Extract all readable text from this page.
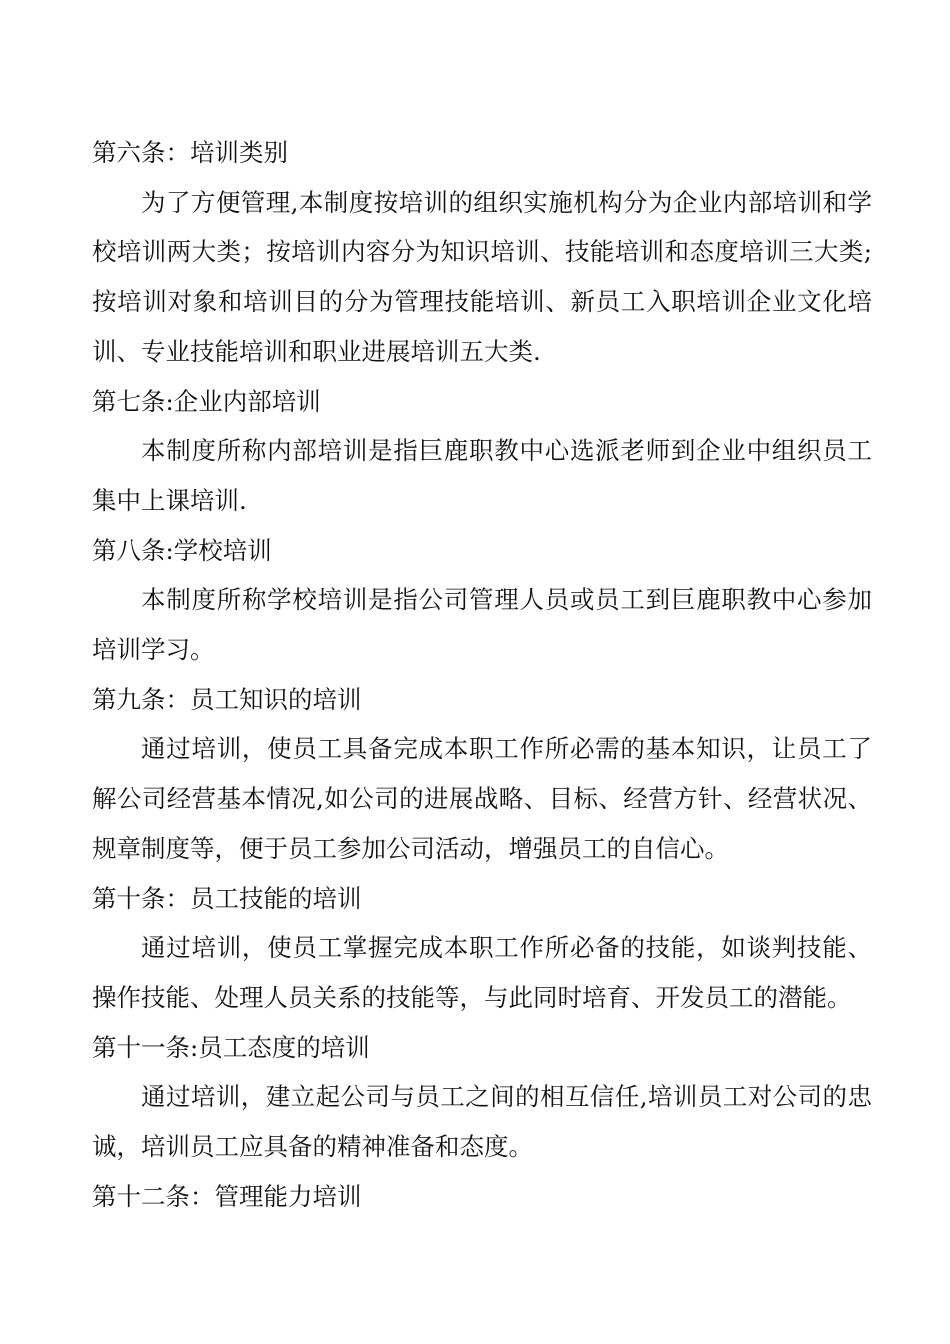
第六条：培训类别

为了方便管理,本制度按培训的组织实施机构分为企业内部培训和学校培训两大类；按培训内容分为知识培训、技能培训和态度培训三大类;按培训对象和培训目的分为管理技能培训、新员工入职培训企业文化培训、专业技能培训和职业进展培训五大类.

第七条:企业内部培训

本制度所称内部培训是指巨鹿职教中心选派老师到企业中组织员工集中上课培训.

第八条:学校培训

本制度所称学校培训是指公司管理人员或员工到巨鹿职教中心参加培训学习。

第九条：员工知识的培训

通过培训，使员工具备完成本职工作所必需的基本知识，让员工了解公司经营基本情况,如公司的进展战略、目标、经营方针、经营状况、规章制度等，便于员工参加公司活动，增强员工的自信心。

第十条：员工技能的培训

通过培训，使员工掌握完成本职工作所必备的技能，如谈判技能、操作技能、处理人员关系的技能等，与此同时培育、开发员工的潜能。

第十一条:员工态度的培训

通过培训，建立起公司与员工之间的相互信任,培训员工对公司的忠诚，培训员工应具备的精神准备和态度。

第十二条：管理能力培训
